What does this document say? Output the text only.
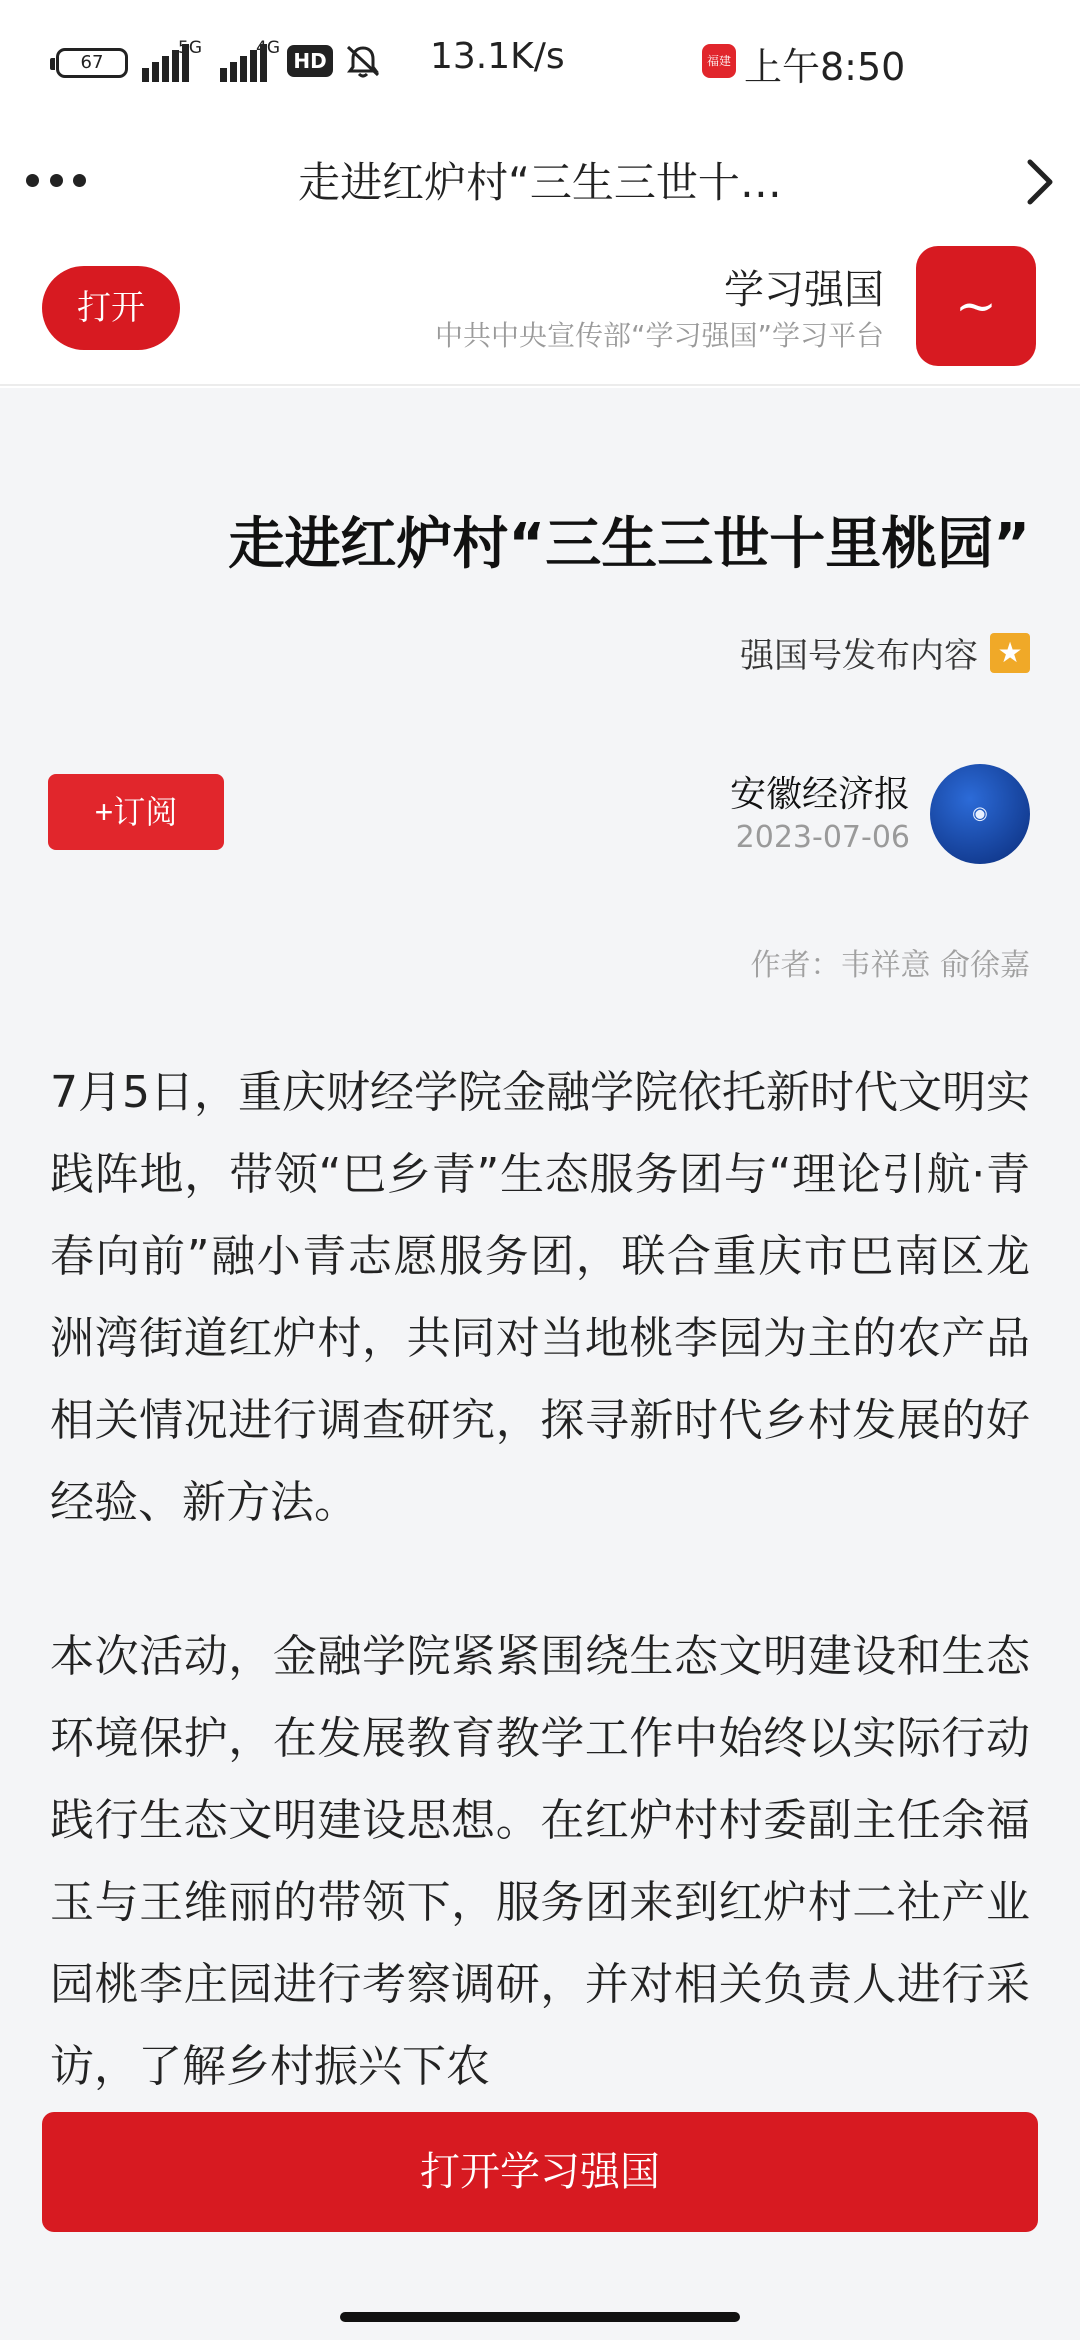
67
5G	4G
HD	13.1K/s	福建 上午8:50
走进红炉村“三生三世十…
打开	学习强国
中共中央宣传部“学习强国”学习平台
~
走进红炉村“三生三世十里桃园”
强国号发布内容 ★
◉
安徽经济报
2023-07-06
+订阅
作者：韦祥意 俞徐嘉

7月5日，重庆财经学院金融学院依托新时代文明实践阵地，带领“巴乡青”生态服务团与“理论引航·青春向前”融小青志愿服务团，联合重庆市巴南区龙洲湾街道红炉村，共同对当地桃李园为主的农产品相关情况进行调查研究，探寻新时代乡村发展的好经验、新方法。

本次活动，金融学院紧紧围绕生态文明建设和生态环境保护，在发展教育教学工作中始终以实际行动践行生态文明建设思想。在红炉村村委副主任余福玉与王维丽的带领下，服务团来到红炉村二社产业园桃李庄园进行考察调研，并对相关负责人进行采访，了解乡村振兴下农

打开学习强国
